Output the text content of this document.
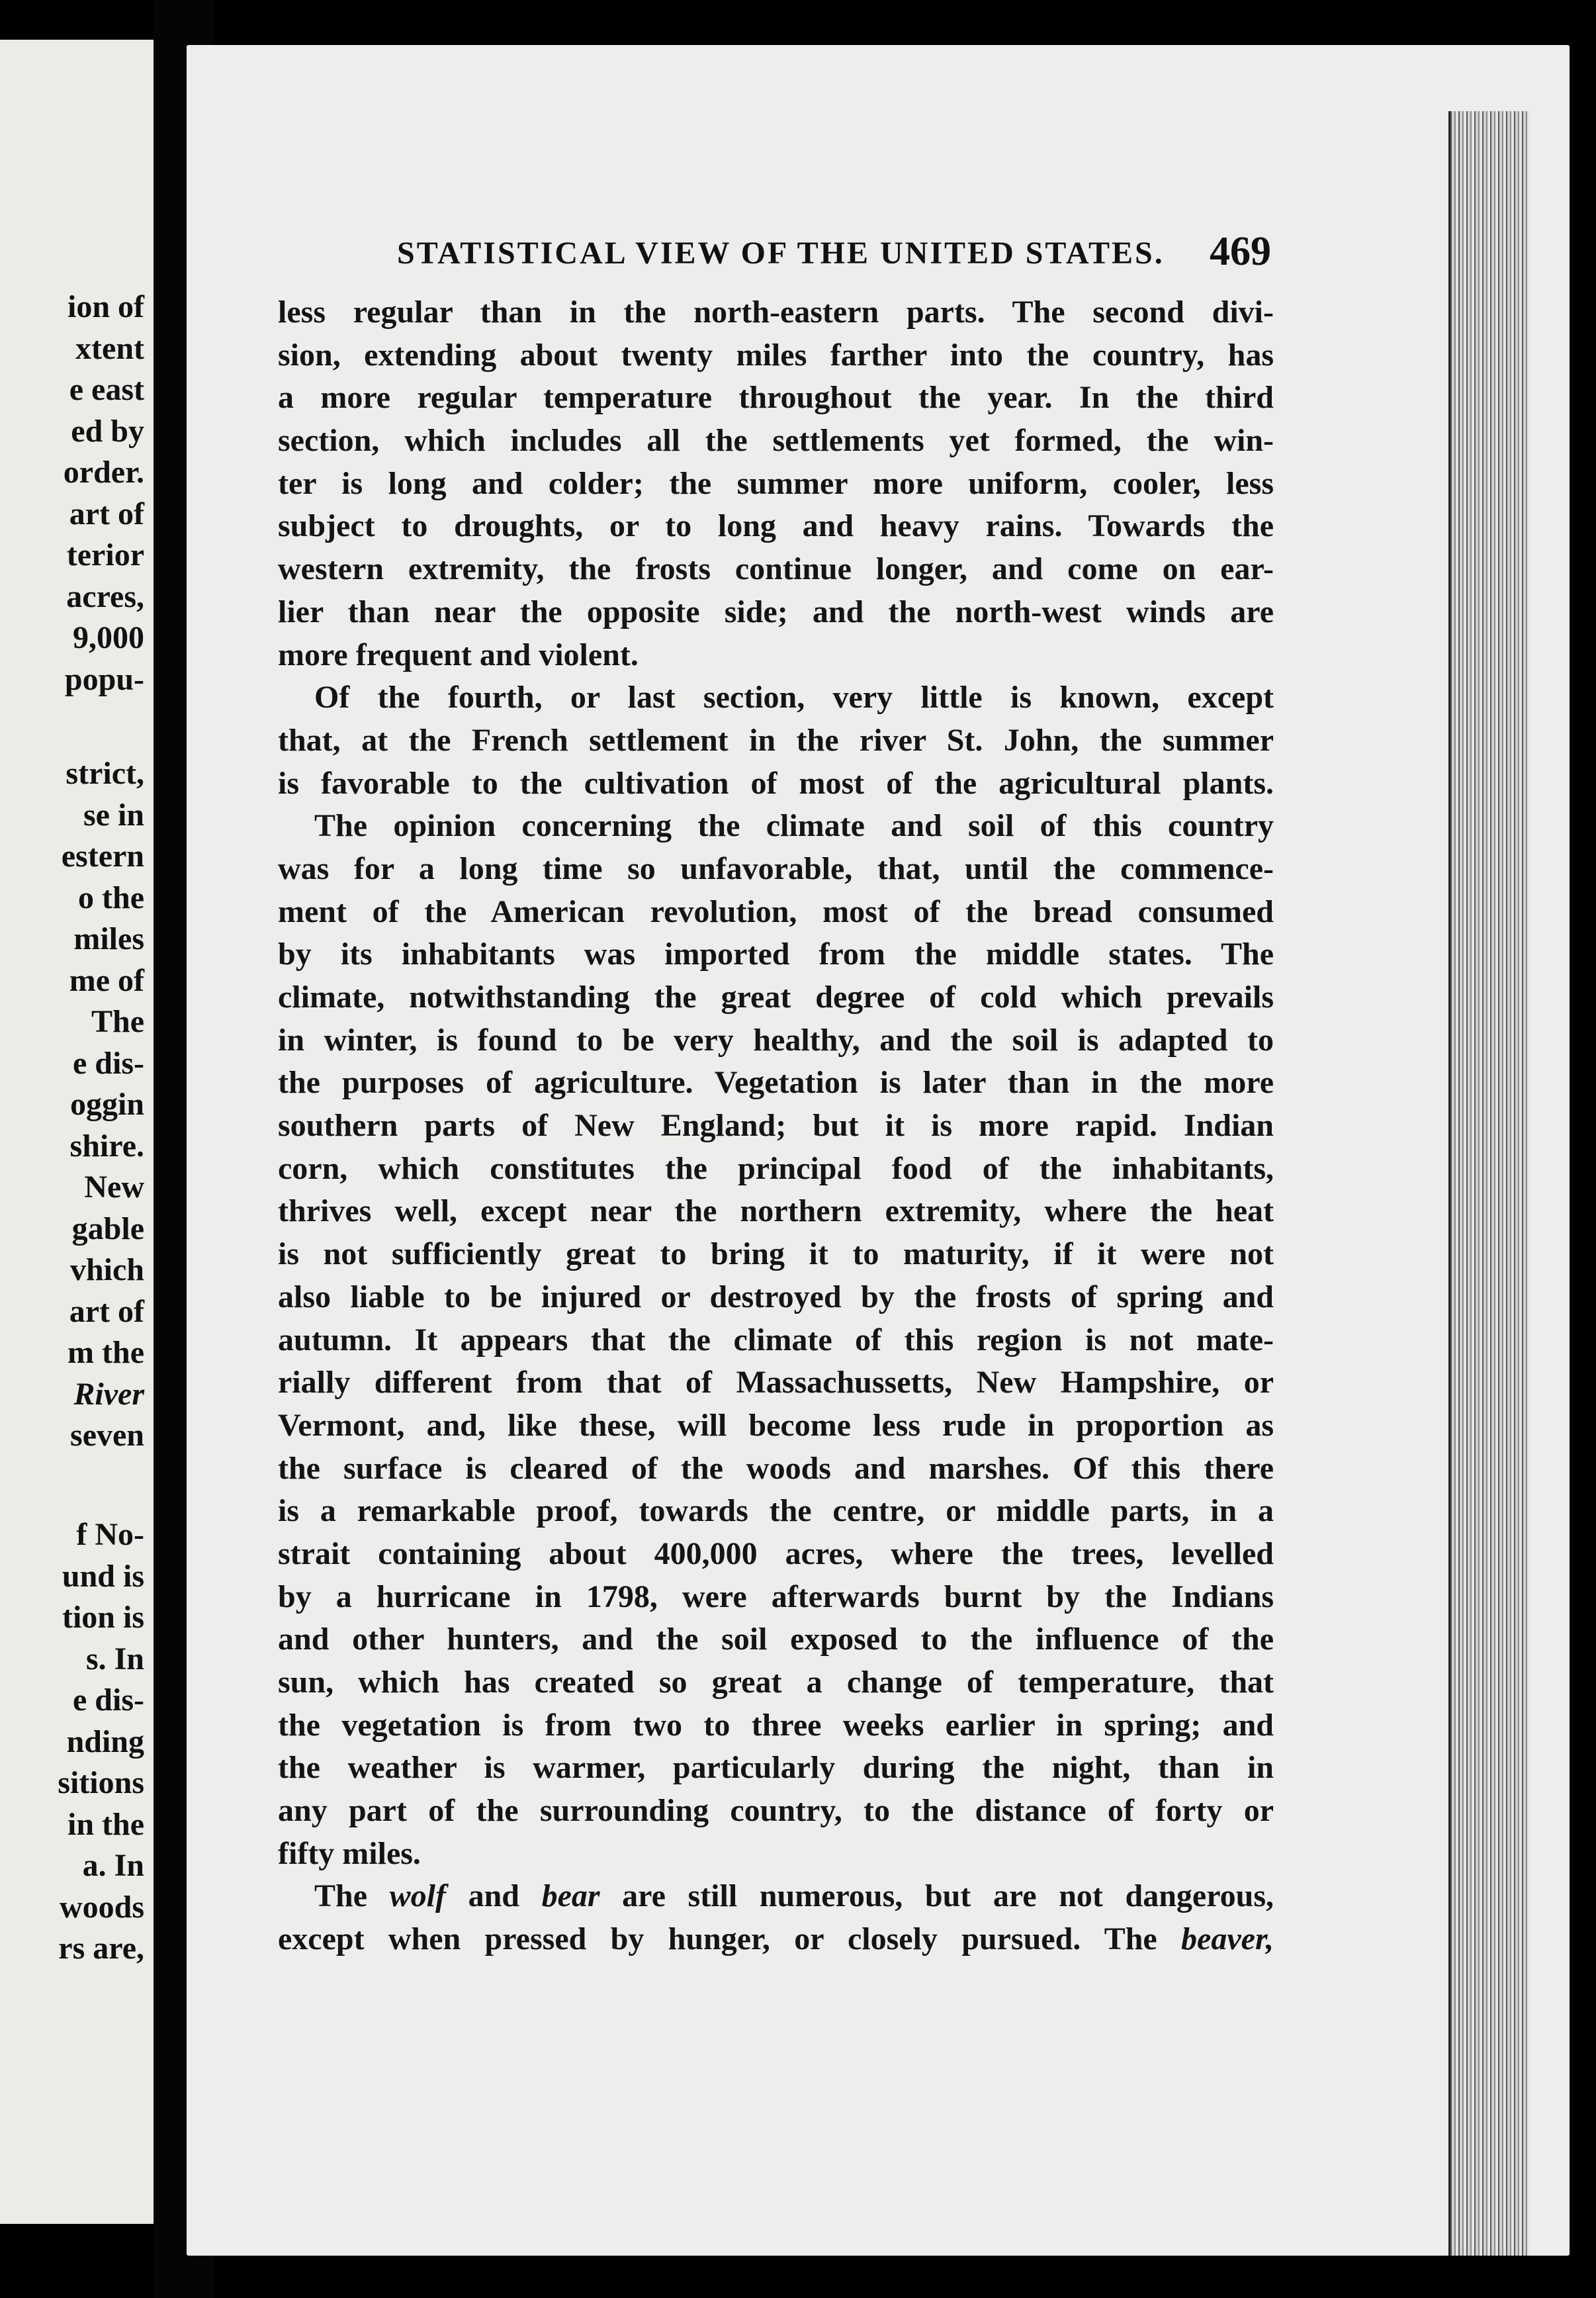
ion of
xtent
e east
ed by
order.
art of
terior
acres,
9,000
popu-
strict,
se in
estern
o the
miles
me of
The
e dis-
oggin
shire.
New
gable
vhich
art of
m the
River
seven
f No-
und is
tion is
s. In
e dis-
nding
sitions
in the
a. In
woods
rs are,
STATISTICAL VIEW OF THE UNITED STATES.	469
less regular than in the north-eastern parts. The second divi-
sion, extending about twenty miles farther into the country, has
a more regular temperature throughout the year. In the third
section, which includes all the settlements yet formed, the win-
ter is long and colder; the summer more uniform, cooler, less
subject to droughts, or to long and heavy rains. Towards the
western extremity, the frosts continue longer, and come on ear-
lier than near the opposite side; and the north-west winds are
more frequent and violent.
Of the fourth, or last section, very little is known, except
that, at the French settlement in the river St. John, the summer
is favorable to the cultivation of most of the agricultural plants.
The opinion concerning the climate and soil of this country
was for a long time so unfavorable, that, until the commence-
ment of the American revolution, most of the bread consumed
by its inhabitants was imported from the middle states. The
climate, notwithstanding the great degree of cold which prevails
in winter, is found to be very healthy, and the soil is adapted to
the purposes of agriculture. Vegetation is later than in the more
southern parts of New England; but it is more rapid. Indian
corn, which constitutes the principal food of the inhabitants,
thrives well, except near the northern extremity, where the heat
is not sufficiently great to bring it to maturity, if it were not
also liable to be injured or destroyed by the frosts of spring and
autumn. It appears that the climate of this region is not mate-
rially different from that of Massachussetts, New Hampshire, or
Vermont, and, like these, will become less rude in proportion as
the surface is cleared of the woods and marshes. Of this there
is a remarkable proof, towards the centre, or middle parts, in a
strait containing about 400,000 acres, where the trees, levelled
by a hurricane in 1798, were afterwards burnt by the Indians
and other hunters, and the soil exposed to the influence of the
sun, which has created so great a change of temperature, that
the vegetation is from two to three weeks earlier in spring; and
the weather is warmer, particularly during the night, than in
any part of the surrounding country, to the distance of forty or
fifty miles.
The wolf and bear are still numerous, but are not dangerous,
except when pressed by hunger, or closely pursued. The beaver,
